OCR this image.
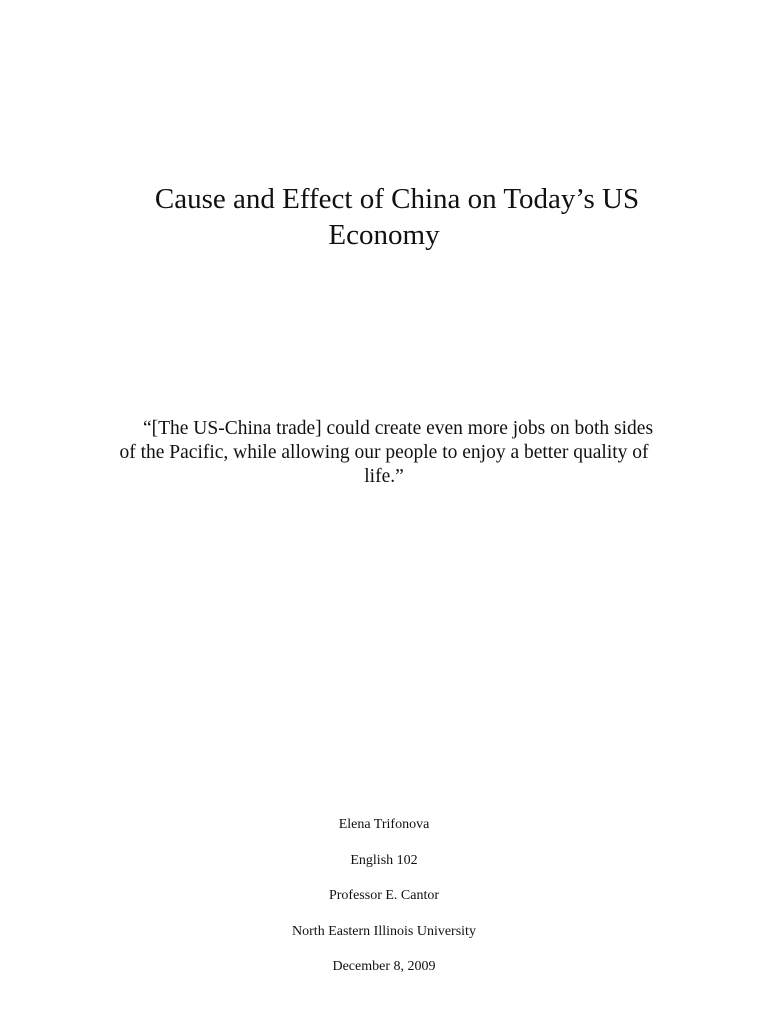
Cause and Effect of China on Today’s US
Economy
“[The US-China trade] could create even more jobs on both sides
of the Pacific, while allowing our people to enjoy a better quality of
life.”
Elena Trifonova
English 102
Professor E. Cantor
North Eastern Illinois University
December 8, 2009
